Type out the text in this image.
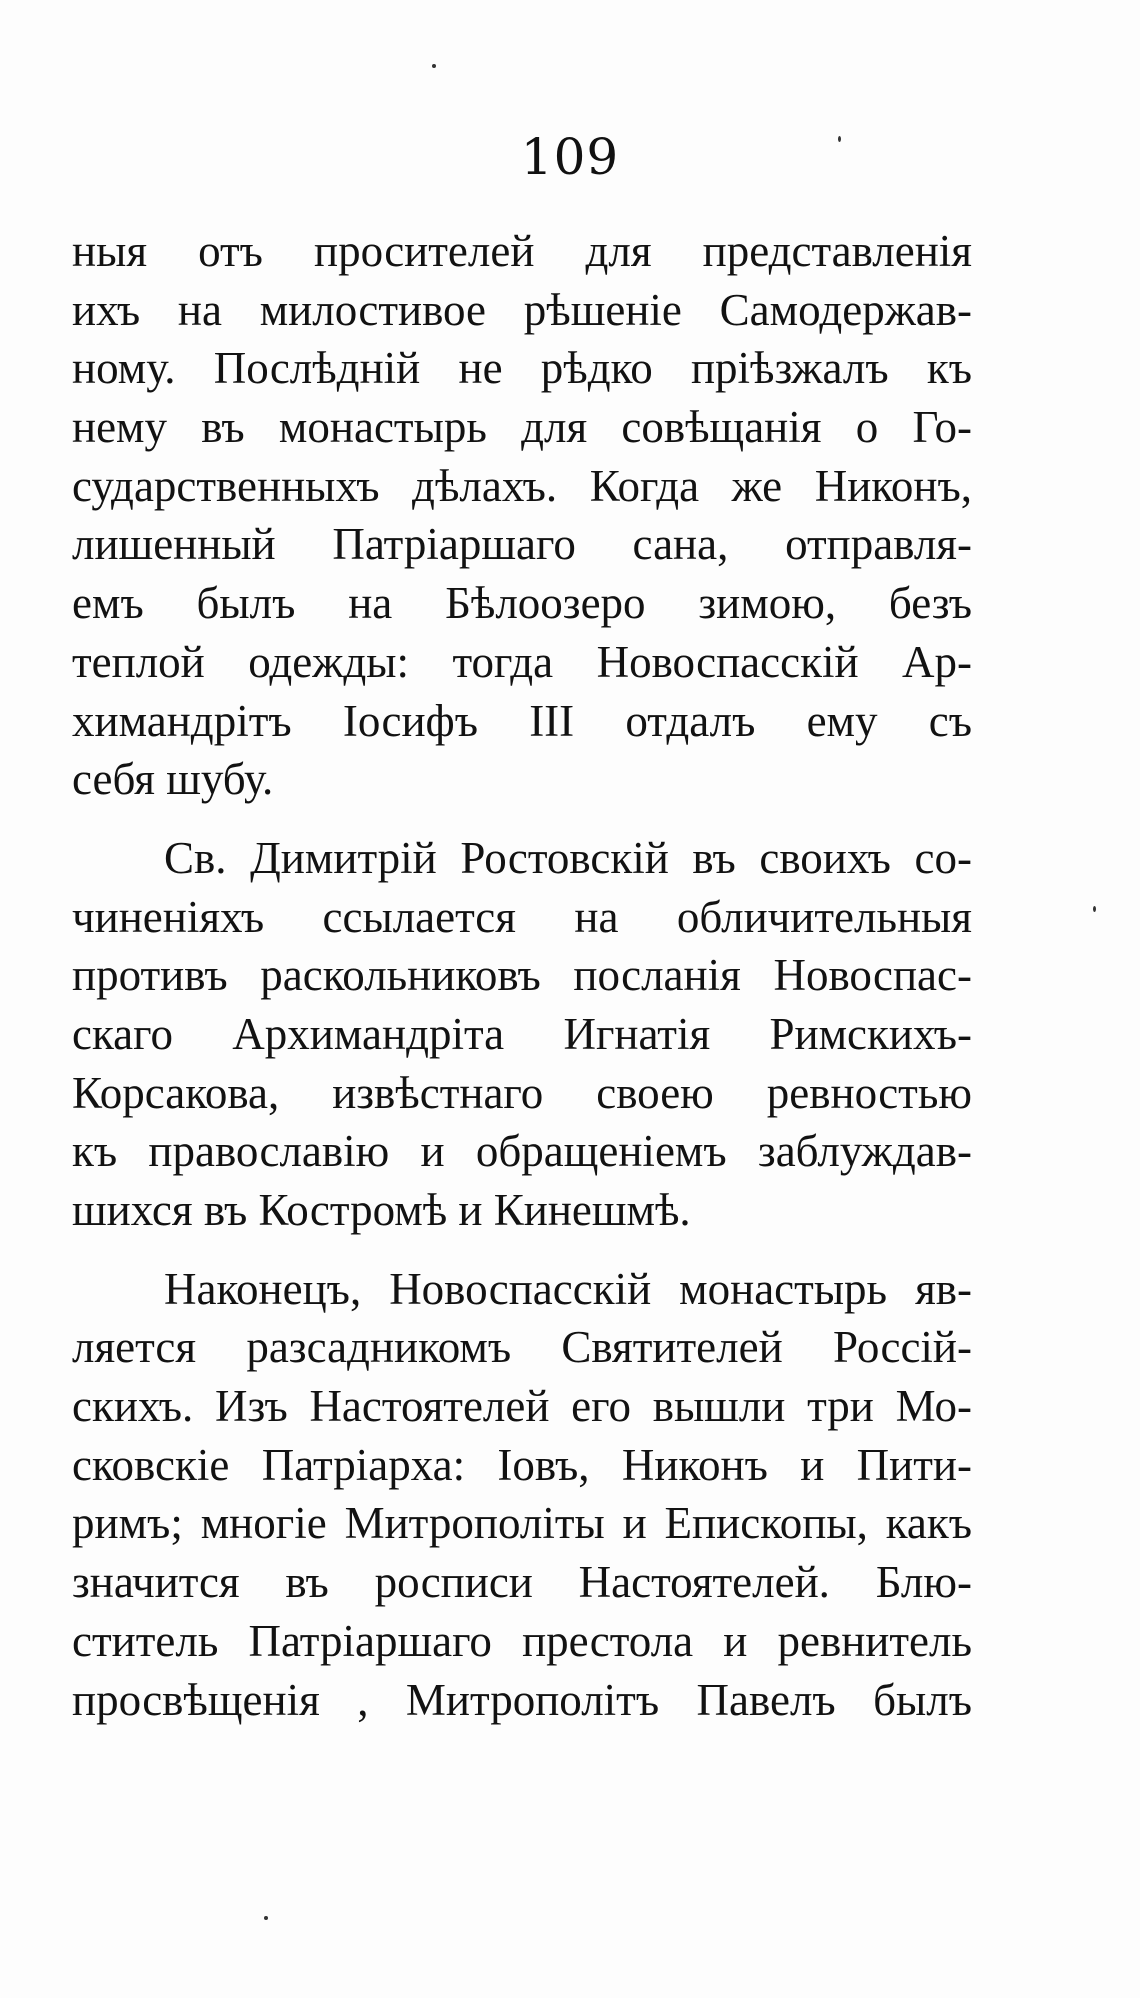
109
ныя отъ просителей для представленія
ихъ на милостивое рѣшеніе Самодержав-
ному. Послѣдній не рѣдко пріѣзжалъ къ
нему въ монастырь для совѣщанія о Го-
сударственныхъ дѣлахъ. Когда же Никонъ,
лишенный Патріаршаго сана, отправля-
емъ былъ на Бѣлоозеро зимою, безъ
теплой одежды: тогда Новоспасскій Ар-
химандрітъ Іосифъ III отдалъ ему съ
себя шубу.
Св. Димитрій Ростовскій въ своихъ со-
чиненіяхъ ссылается на обличительныя
противъ раскольниковъ посланія Новоспас-
скаго Архимандріта Игнатія Римскихъ-
Корсакова, извѣстнаго своею ревностью
къ православію и обращеніемъ заблуждав-
шихся въ Костромѣ и Кинешмѣ.
Наконецъ, Новоспасскій монастырь яв-
ляется разсадникомъ Святителей Россій-
скихъ. Изъ Настоятелей его вышли три Мо-
сковскіе Патріарха: Іовъ, Никонъ и Пити-
римъ; многіе Митрополіты и Епископы, какъ
значится въ росписи Настоятелей. Блю-
ститель Патріаршаго престола и ревнитель
просвѣщенія , Митрополітъ Павелъ былъ
